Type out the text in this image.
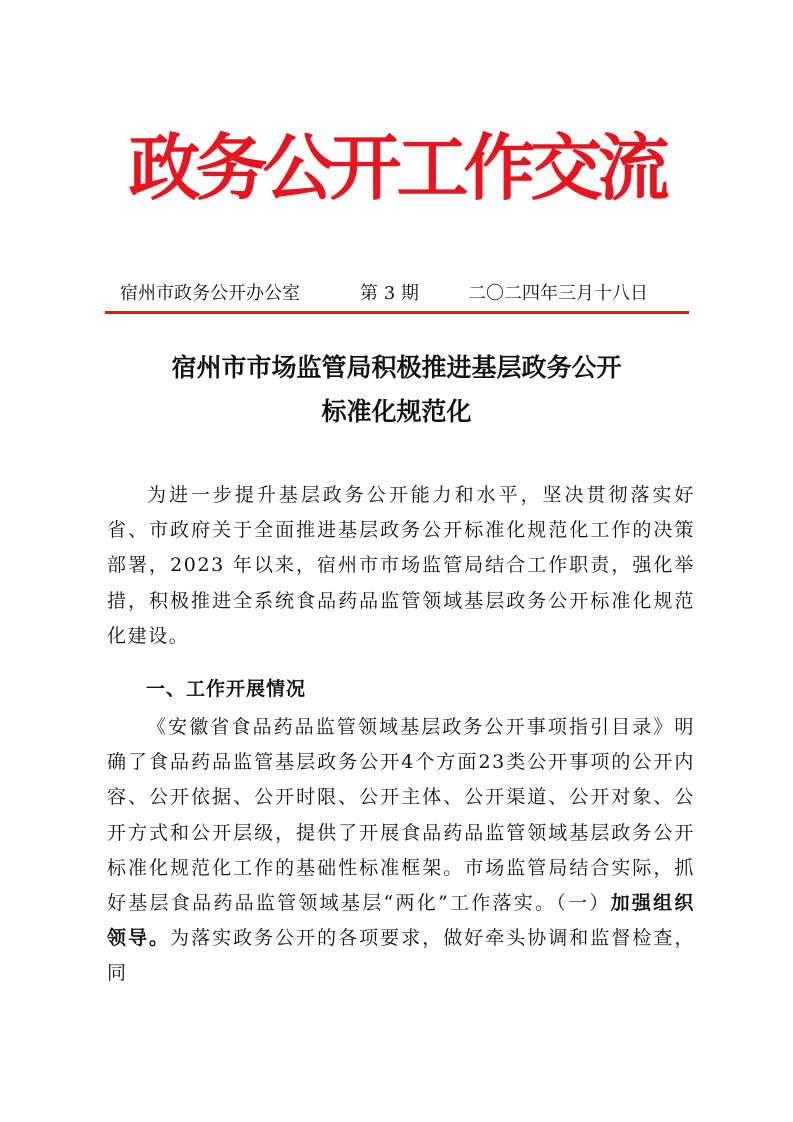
政务公开工作交流
宿州市政务公开办公室	第 3 期	二〇二四年三月十八日
宿州市市场监管局积极推进基层政务公开
标准化规范化

为进一步提升基层政务公开能力和水平，坚决贯彻落实好省、市政府关于全面推进基层政务公开标准化规范化工作的决策部署，2023 年以来，宿州市市场监管局结合工作职责，强化举措，积极推进全系统食品药品监管领域基层政务公开标准化规范化建设。

一、工作开展情况

《安徽省食品药品监管领域基层政务公开事项指引目录》明确了食品药品监管基层政务公开4个方面23类公开事项的公开内容、公开依据、公开时限、公开主体、公开渠道、公开对象、公开方式和公开层级，提供了开展食品药品监管领域基层政务公开标准化规范化工作的基础性标准框架。市场监管局结合实际，抓好基层食品药品监管领域基层“两化”工作落实。（一）加强组织领导。为落实政务公开的各项要求，做好牵头协调和监督检查，同
